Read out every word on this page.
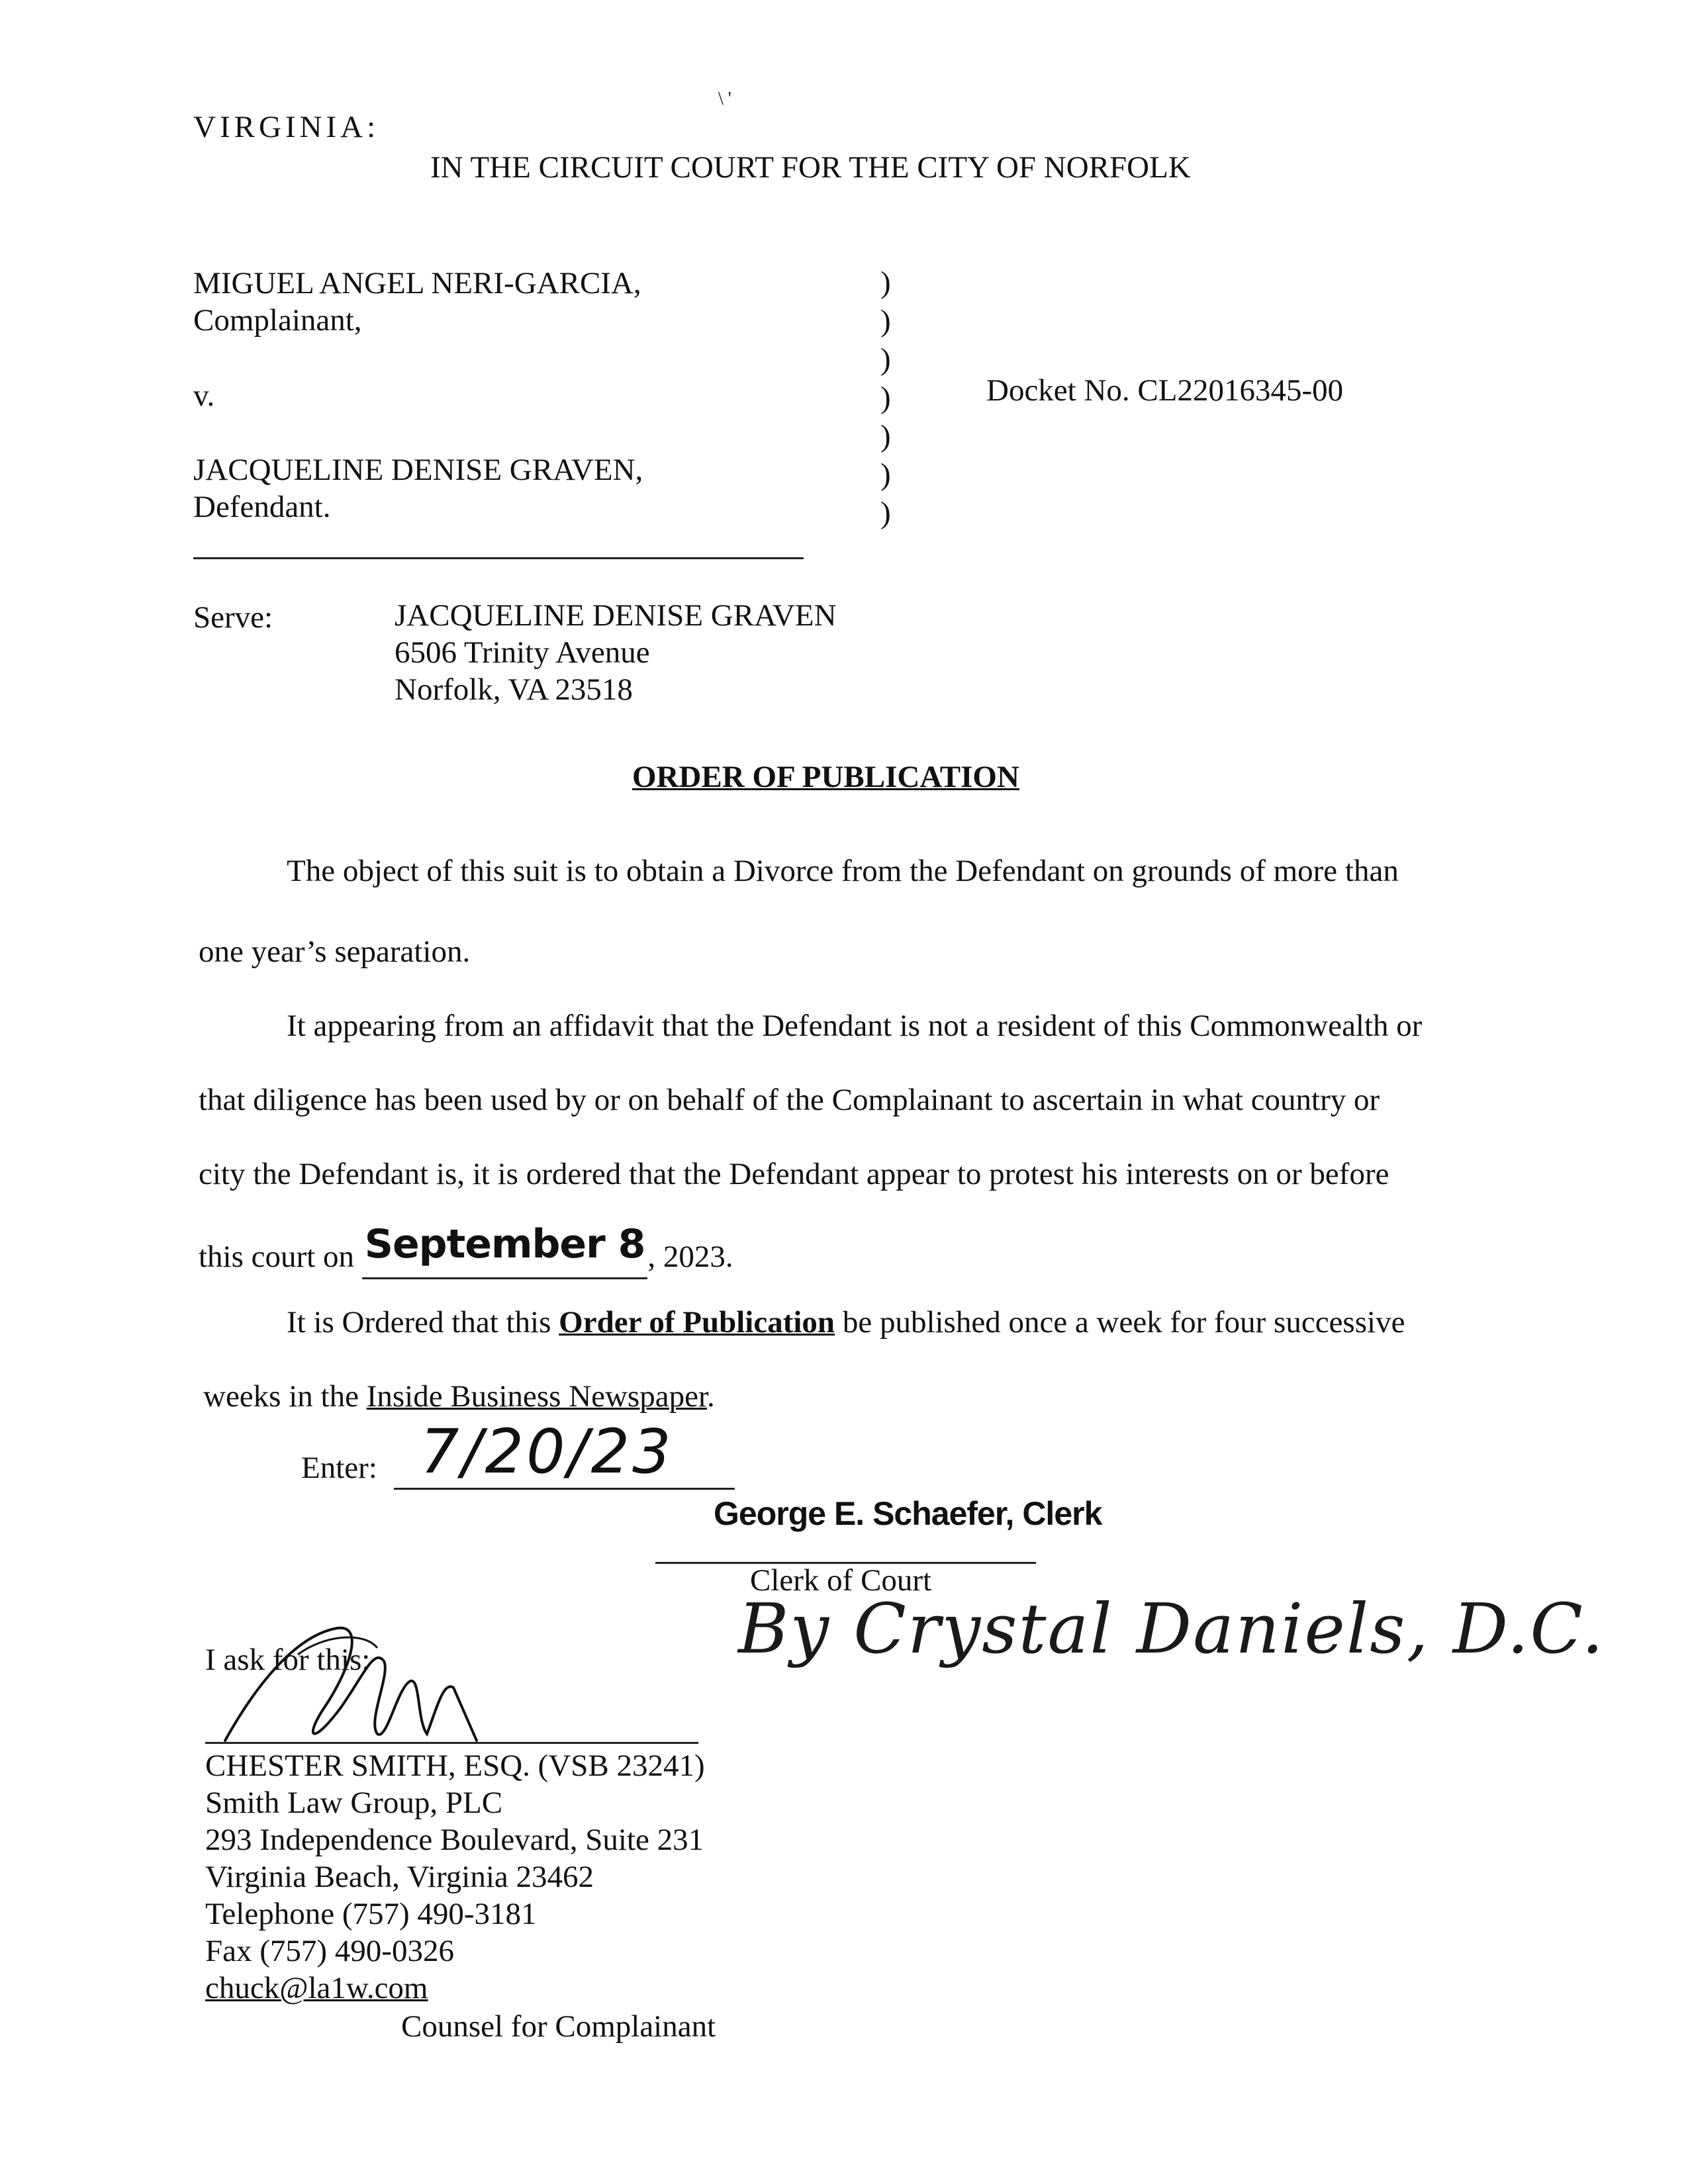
VIRGINIA:
\ '
IN THE CIRCUIT COURT FOR THE CITY OF NORFOLK
MIGUEL ANGEL NERI-GARCIA,
Complainant,
v.
JACQUELINE DENISE GRAVEN,
Defendant.
)
)
)
)
)
)
)
Docket No. CL22016345-00
Serve:	JACQUELINE DENISE GRAVEN
6506 Trinity Avenue
Norfolk, VA 23518
ORDER OF PUBLICATION
The object of this suit is to obtain a Divorce from the Defendant on grounds of more than
one year’s separation.
It appearing from an affidavit that the Defendant is not a resident of this Commonwealth or
that diligence has been used by or on behalf of the Complainant to ascertain in what country or
city the Defendant is, it is ordered that the Defendant appear to protest his interests on or before
this court on September 8, 2023.
It is Ordered that this Order of Publication be published once a week for four successive
weeks in the Inside Business Newspaper.
Enter: 7/20/23
George E. Schaefer, Clerk
Clerk of Court
By Crystal Daniels, D.C.
I ask for this:
CHESTER SMITH, ESQ. (VSB 23241)
Smith Law Group, PLC
293 Independence Boulevard, Suite 231
Virginia Beach, Virginia 23462
Telephone (757) 490-3181
Fax (757) 490-0326
chuck@la1w.com
Counsel for Complainant
